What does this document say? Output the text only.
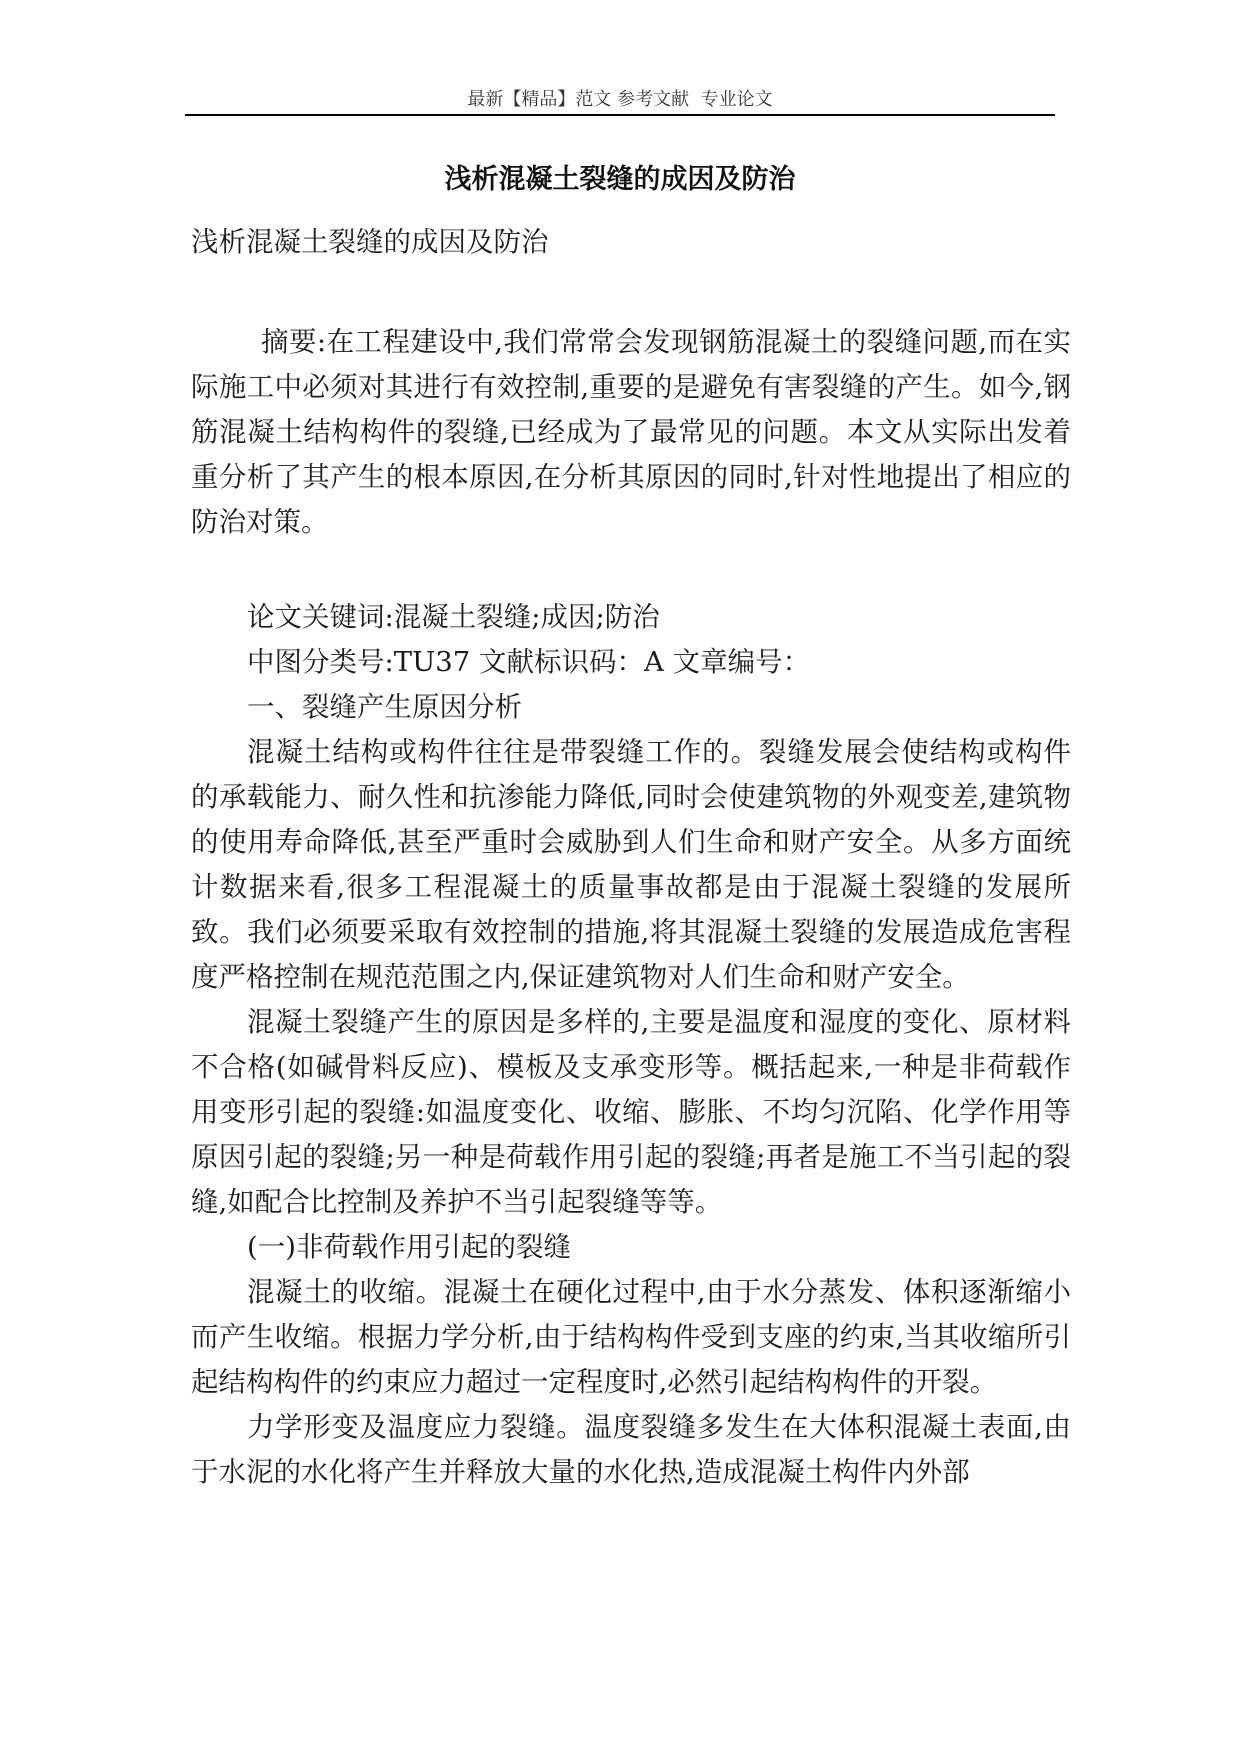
最新【精品】范文 参考文献  专业论文
浅析混凝土裂缝的成因及防治

浅析混凝土裂缝的成因及防治

摘要:在工程建设中,我们常常会发现钢筋混凝土的裂缝问题,而在实际施工中必须对其进行有效控制,重要的是避免有害裂缝的产生。如今,钢筋混凝土结构构件的裂缝,已经成为了最常见的问题。本文从实际出发着重分析了其产生的根本原因,在分析其原因的同时,针对性地提出了相应的防治对策。

论文关键词:混凝土裂缝;成因;防治

中图分类号:TU37 文献标识码：A 文章编号：

一、裂缝产生原因分析

混凝土结构或构件往往是带裂缝工作的。裂缝发展会使结构或构件的承载能力、耐久性和抗渗能力降低,同时会使建筑物的外观变差,建筑物的使用寿命降低,甚至严重时会威胁到人们生命和财产安全。从多方面统计数据来看,很多工程混凝土的质量事故都是由于混凝土裂缝的发展所致。我们必须要采取有效控制的措施,将其混凝土裂缝的发展造成危害程度严格控制在规范范围之内,保证建筑物对人们生命和财产安全。

混凝土裂缝产生的原因是多样的,主要是温度和湿度的变化、原材料不合格(如碱骨料反应)、模板及支承变形等。概括起来,一种是非荷载作用变形引起的裂缝:如温度变化、收缩、膨胀、不均匀沉陷、化学作用等原因引起的裂缝;另一种是荷载作用引起的裂缝;再者是施工不当引起的裂缝,如配合比控制及养护不当引起裂缝等等。

(一)非荷载作用引起的裂缝

混凝土的收缩。混凝土在硬化过程中,由于水分蒸发、体积逐渐缩小而产生收缩。根据力学分析,由于结构构件受到支座的约束,当其收缩所引起结构构件的约束应力超过一定程度时,必然引起结构构件的开裂。

力学形变及温度应力裂缝。温度裂缝多发生在大体积混凝土表面,由于水泥的水化将产生并释放大量的水化热,造成混凝土构件内外部
